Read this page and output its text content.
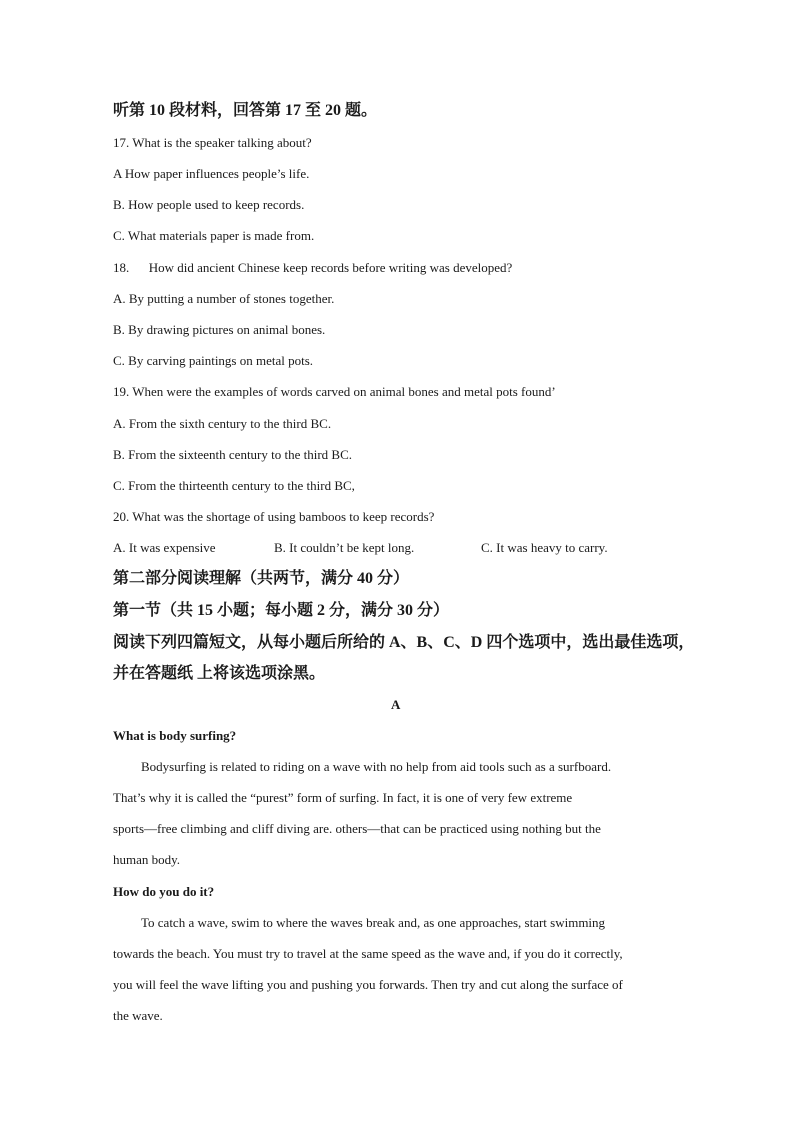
听第 10 段材料，回答第 17 至 20 题。
17. What is the speaker talking about?
A How paper influences people’s life.
B. How people used to keep records.
C. What materials paper is made from.
18.      How did ancient Chinese keep records before writing was developed?
A. By putting a number of stones together.
B. By drawing pictures on animal bones.
C. By carving paintings on metal pots.
19. When were the examples of words carved on animal bones and metal pots found’
A. From the sixth century to the third BC.
B. From the sixteenth century to the third BC.
C. From the thirteenth century to the third BC,
20. What was the shortage of using bamboos to keep records?
A. It was expensive	B. It couldn’t be kept long.	C. It was heavy to carry.
第二部分阅读理解（共两节，满分 40 分）
第一节（共 15 小题；每小题 2 分，满分 30 分）
阅读下列四篇短文，从每小题后所给的 A、B、C、D 四个选项中，选出最佳选项，
并在答题纸 上将该选项涂黑。
A
What is body surfing?
Bodysurfing is related to riding on a wave with no help from aid tools such as a surfboard.
That’s why it is called the “purest” form of surfing. In fact, it is one of very few extreme
sports—free climbing and cliff diving are. others—that can be practiced using nothing but the
human body.
How do you do it?
To catch a wave, swim to where the waves break and, as one approaches, start swimming
towards the beach. You must try to travel at the same speed as the wave and, if you do it correctly,
you will feel the wave lifting you and pushing you forwards. Then try and cut along the surface of
the wave.
